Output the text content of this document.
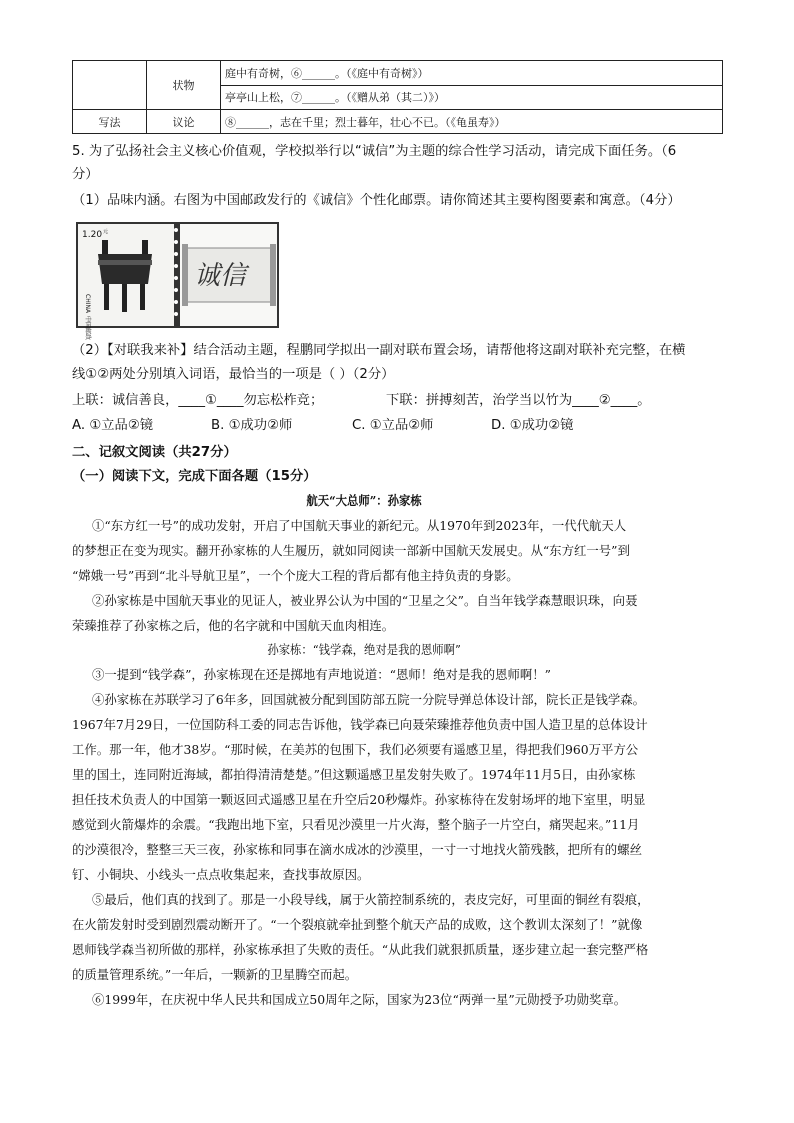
	状物	庭中有奇树，⑥______。（《庭中有奇树》）
		亭亭山上松，⑦______。（《赠从弟（其二）》）
写法	议论	⑧______，志在千里；烈士暮年，壮心不已。（《龟虽寿》）
5. 为了弘扬社会主义核心价值观，学校拟举行以“诚信”为主题的综合性学习活动，请完成下面任务。（6
分）
（1）品味内涵。右图为中国邮政发行的《诚信》个性化邮票。请你简述其主要构图要素和寓意。（4分）
1.20 元
CHINA
中国邮政
诚信
（2）【对联我来补】结合活动主题，程鹏同学拟出一副对联布置会场，请帮他将这副对联补充完整，在横
线①②两处分别填入词语，最恰当的一项是（ ）（2分）
上联：诚信善良，____①____勿忘松柞竞；	下联：拼搏刻苦，治学当以竹为____②____。
A. ①立品②镜	B. ①成功②师	C. ①立品②师	D. ①成功②镜
二、记叙文阅读（共27分）
（一）阅读下文，完成下面各题（15分）
航天“大总师”：孙家栋
①“东方红一号”的成功发射，开启了中国航天事业的新纪元。从1970年到2023年，一代代航天人
的梦想正在变为现实。翻开孙家栋的人生履历，就如同阅读一部新中国航天发展史。从“东方红一号”到
“嫦娥一号”再到“北斗导航卫星”，一个个庞大工程的背后都有他主持负责的身影。
②孙家栋是中国航天事业的见证人，被业界公认为中国的“卫星之父”。自当年钱学森慧眼识珠，向聂
荣臻推荐了孙家栋之后，他的名字就和中国航天血肉相连。
孙家栋：“钱学森，绝对是我的恩师啊”
③一提到“钱学森”，孙家栋现在还是掷地有声地说道：“恩师！绝对是我的恩师啊！”
④孙家栋在苏联学习了6年多，回国就被分配到国防部五院一分院导弹总体设计部，院长正是钱学森。
1967年7月29日，一位国防科工委的同志告诉他，钱学森已向聂荣臻推荐他负责中国人造卫星的总体设计
工作。那一年，他才38岁。“那时候，在美苏的包围下，我们必须要有遥感卫星，得把我们960万平方公
里的国土，连同附近海域，都拍得清清楚楚。”但这颗遥感卫星发射失败了。1974年11月5日，由孙家栋
担任技术负责人的中国第一颗返回式遥感卫星在升空后20秒爆炸。孙家栋待在发射场坪的地下室里，明显
感觉到火箭爆炸的余震。“我跑出地下室，只看见沙漠里一片火海，整个脑子一片空白，痛哭起来。”11月
的沙漠很冷，整整三天三夜，孙家栋和同事在滴水成冰的沙漠里，一寸一寸地找火箭残骸，把所有的螺丝
钉、小铜块、小线头一点点收集起来，查找事故原因。
⑤最后，他们真的找到了。那是一小段导线，属于火箭控制系统的，表皮完好，可里面的铜丝有裂痕，
在火箭发射时受到剧烈震动断开了。“一个裂痕就牵扯到整个航天产品的成败，这个教训太深刻了！”就像
恩师钱学森当初所做的那样，孙家栋承担了失败的责任。“从此我们就狠抓质量，逐步建立起一套完整严格
的质量管理系统。”一年后，一颗新的卫星腾空而起。
⑥1999年，在庆祝中华人民共和国成立50周年之际，国家为23位“两弹一星”元勋授予功勋奖章。
